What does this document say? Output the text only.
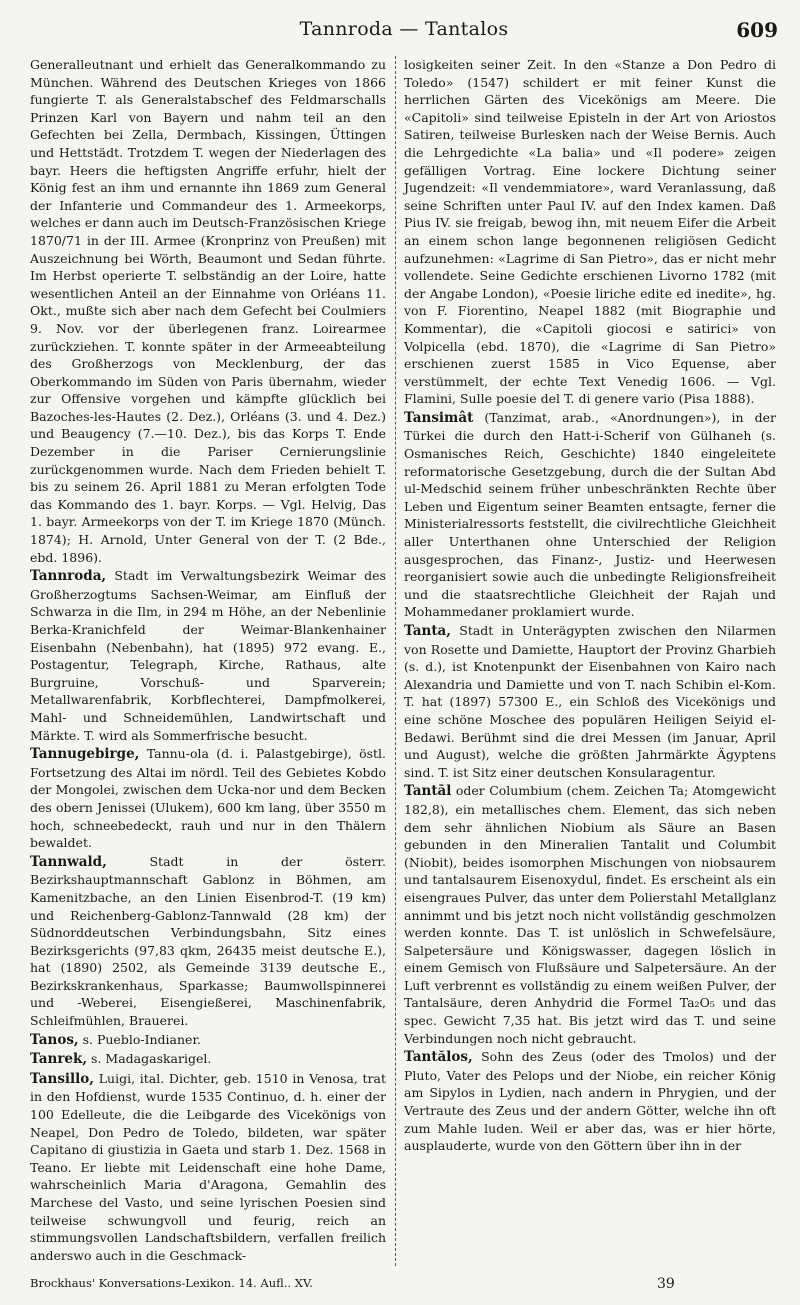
Tannroda — Tantalos	609

Generalleutnant und erhielt das Generalkommando zu München. Während des Deutschen Krieges von 1866 fungierte T. als Generalstabschef des Feldmarschalls Prinzen Karl von Bayern und nahm teil an den Gefechten bei Zella, Dermbach, Kissingen, Üttingen und Hettstädt. Trotzdem T. wegen der Niederlagen des bayr. Heers die heftigsten Angriffe erfuhr, hielt der König fest an ihm und ernannte ihn 1869 zum General der Infanterie und Commandeur des 1. Armeekorps, welches er dann auch im Deutsch-Französischen Kriege 1870/71 in der III. Armee (Kronprinz von Preußen) mit Auszeichnung bei Wörth, Beaumont und Sedan führte. Im Herbst operierte T. selbständig an der Loire, hatte wesentlichen Anteil an der Einnahme von Orléans 11. Okt., mußte sich aber nach dem Gefecht bei Coulmiers 9. Nov. vor der überlegenen franz. Loirearmee zurückziehen. T. konnte später in der Armeeabteilung des Großherzogs von Mecklenburg, der das Oberkommando im Süden von Paris übernahm, wieder zur Offensive vorgehen und kämpfte glücklich bei Bazoches-les-Hautes (2. Dez.), Orléans (3. und 4. Dez.) und Beaugency (7.—10. Dez.), bis das Korps T. Ende Dezember in die Pariser Cernierungslinie zurückgenommen wurde. Nach dem Frieden behielt T. bis zu seinem 26. April 1881 zu Meran erfolgten Tode das Kommando des 1. bayr. Korps. — Vgl. Helvig, Das 1. bayr. Armeekorps von der T. im Kriege 1870 (Münch. 1874); H. Arnold, Unter General von der T. (2 Bde., ebd. 1896).

Tannroda, Stadt im Verwaltungsbezirk Weimar des Großherzogtums Sachsen-Weimar, am Einfluß der Schwarza in die Ilm, in 294 m Höhe, an der Nebenlinie Berka-Kranichfeld der Weimar-Blankenhainer Eisenbahn (Nebenbahn), hat (1895) 972 evang. E., Postagentur, Telegraph, Kirche, Rathaus, alte Burgruine, Vorschuß- und Sparverein; Metallwarenfabrik, Korbflechterei, Dampfmolkerei, Mahl- und Schneidemühlen, Landwirtschaft und Märkte. T. wird als Sommerfrische besucht.

Tannugebirge, Tannu-ola (d. i. Palastgebirge), östl. Fortsetzung des Altai im nördl. Teil des Gebietes Kobdo der Mongolei, zwischen dem Ucka-nor und dem Becken des obern Jenissei (Ulukem), 600 km lang, über 3550 m hoch, schneebedeckt, rauh und nur in den Thälern bewaldet.

Tannwald, Stadt in der österr. Bezirkshauptmannschaft Gablonz in Böhmen, am Kamenitzbache, an den Linien Eisenbrod-T. (19 km) und Reichenberg-Gablonz-Tannwald (28 km) der Südnorddeutschen Verbindungsbahn, Sitz eines Bezirksgerichts (97,83 qkm, 26435 meist deutsche E.), hat (1890) 2502, als Gemeinde 3139 deutsche E., Bezirkskrankenhaus, Sparkasse; Baumwollspinnerei und -Weberei, Eisengießerei, Maschinenfabrik, Schleifmühlen, Brauerei.

Tanos, s. Pueblo-Indianer.

Tanrek, s. Madagaskarigel.

Tansillo, Luigi, ital. Dichter, geb. 1510 in Venosa, trat in den Hofdienst, wurde 1535 Continuo, d. h. einer der 100 Edelleute, die die Leibgarde des Vicekönigs von Neapel, Don Pedro de Toledo, bildeten, war später Capitano di giustizia in Gaeta und starb 1. Dez. 1568 in Teano. Er liebte mit Leidenschaft eine hohe Dame, wahrscheinlich Maria d'Aragona, Gemahlin des Marchese del Vasto, und seine lyrischen Poesien sind teilweise schwungvoll und feurig, reich an stimmungsvollen Landschaftsbildern, verfallen freilich anderswo auch in die Geschmack-

losigkeiten seiner Zeit. In den «Stanze a Don Pedro di Toledo» (1547) schildert er mit feiner Kunst die herrlichen Gärten des Vicekönigs am Meere. Die «Capitoli» sind teilweise Episteln in der Art von Ariostos Satiren, teilweise Burlesken nach der Weise Bernis. Auch die Lehrgedichte «La balia» und «Il podere» zeigen gefälligen Vortrag. Eine lockere Dichtung seiner Jugendzeit: «Il vendemmiatore», ward Veranlassung, daß seine Schriften unter Paul IV. auf den Index kamen. Daß Pius IV. sie freigab, bewog ihn, mit neuem Eifer die Arbeit an einem schon lange begonnenen religiösen Gedicht aufzunehmen: «Lagrime di San Pietro», das er nicht mehr vollendete. Seine Gedichte erschienen Livorno 1782 (mit der Angabe London), «Poesie liriche edite ed inedite», hg. von F. Fiorentino, Neapel 1882 (mit Biographie und Kommentar), die «Capitoli giocosi e satirici» von Volpicella (ebd. 1870), die «Lagrime di San Pietro» erschienen zuerst 1585 in Vico Equense, aber verstümmelt, der echte Text Venedig 1606. — Vgl. Flamini, Sulle poesie del T. di genere vario (Pisa 1888).

Tansimât (Tanzimat, arab., «Anordnungen»), in der Türkei die durch den Hatt-i-Scherif von Gülhaneh (s. Osmanisches Reich, Geschichte) 1840 eingeleitete reformatorische Gesetzgebung, durch die der Sultan Abd ul-Medschid seinem früher unbeschränkten Rechte über Leben und Eigentum seiner Beamten entsagte, ferner die Ministerialressorts feststellt, die civilrechtliche Gleichheit aller Unterthanen ohne Unterschied der Religion ausgesprochen, das Finanz-, Justiz- und Heerwesen reorganisiert sowie auch die unbedingte Religionsfreiheit und die staatsrechtliche Gleichheit der Rajah und Mohammedaner proklamiert wurde.

Tanta, Stadt in Unterägypten zwischen den Nilarmen von Rosette und Damiette, Hauptort der Provinz Gharbieh (s. d.), ist Knotenpunkt der Eisenbahnen von Kairo nach Alexandria und Damiette und von T. nach Schibin el-Kom. T. hat (1897) 57300 E., ein Schloß des Vicekönigs und eine schöne Moschee des populären Heiligen Seiyid el-Bedawi. Berühmt sind die drei Messen (im Januar, April und August), welche die größten Jahrmärkte Ägyptens sind. T. ist Sitz einer deutschen Konsularagentur.

Tantāl oder Columbium (chem. Zeichen Ta; Atomgewicht 182,8), ein metallisches chem. Element, das sich neben dem sehr ähnlichen Niobium als Säure an Basen gebunden in den Mineralien Tantalit und Columbit (Niobit), beides isomorphen Mischungen von niobsaurem und tantalsaurem Eisenoxydul, findet. Es erscheint als ein eisengraues Pulver, das unter dem Polierstahl Metallglanz annimmt und bis jetzt noch nicht vollständig geschmolzen werden konnte. Das T. ist unlöslich in Schwefelsäure, Salpetersäure und Königswasser, dagegen löslich in einem Gemisch von Flußsäure und Salpetersäure. An der Luft verbrennt es vollständig zu einem weißen Pulver, der Tantalsäure, deren Anhydrid die Formel Ta₂O₅ und das spec. Gewicht 7,35 hat. Bis jetzt wird das T. und seine Verbindungen noch nicht gebraucht.

Tantălos, Sohn des Zeus (oder des Tmolos) und der Pluto, Vater des Pelops und der Niobe, ein reicher König am Sipylos in Lydien, nach andern in Phrygien, und der Vertraute des Zeus und der andern Götter, welche ihn oft zum Mahle luden. Weil er aber das, was er hier hörte, ausplauderte, wurde von den Göttern über ihn in der

Brockhaus' Konversations-Lexikon. 14. Aufl.. XV.	39
